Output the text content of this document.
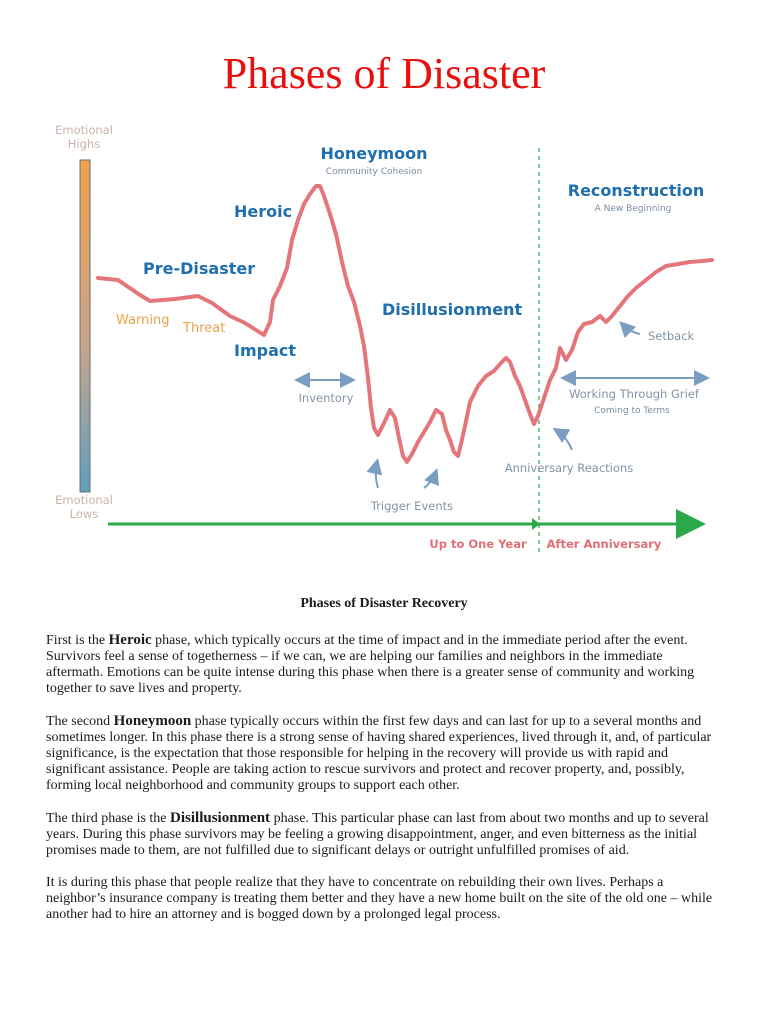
Phases of Disaster
Emotional Highs
Emotional Lows
Honeymoon
Community Cohesion
Heroic
Pre-Disaster
Disillusionment
Impact
Reconstruction
A New Beginning
Warning
Threat
Inventory
Trigger Events
Anniversary Reactions
Setback
Working Through Grief
Coming to Terms
Up to One Year After Anniversary
Phases of Disaster Recovery

First is the Heroic phase, which typically occurs at the time of impact and in the immediate period after the event. Survivors feel a sense of togetherness – if we can, we are helping our families and neighbors in the immediate aftermath. Emotions can be quite intense during this phase when there is a greater sense of community and working together to save lives and property.

The second Honeymoon phase typically occurs within the first few days and can last for up to a several months and sometimes longer. In this phase there is a strong sense of having shared experiences, lived through it, and, of particular significance, is the expectation that those responsible for helping in the recovery will provide us with rapid and significant assistance. People are taking action to rescue survivors and protect and recover property, and, possibly, forming local neighborhood and community groups to support each other.

The third phase is the Disillusionment phase. This particular phase can last from about two months and up to several years. During this phase survivors may be feeling a growing disappointment, anger, and even bitterness as the initial promises made to them, are not fulfilled due to significant delays or outright unfulfilled promises of aid.

It is during this phase that people realize that they have to concentrate on rebuilding their own lives. Perhaps a neighbor’s insurance company is treating them better and they have a new home built on the site of the old one – while another had to hire an attorney and is bogged down by a prolonged legal process.
